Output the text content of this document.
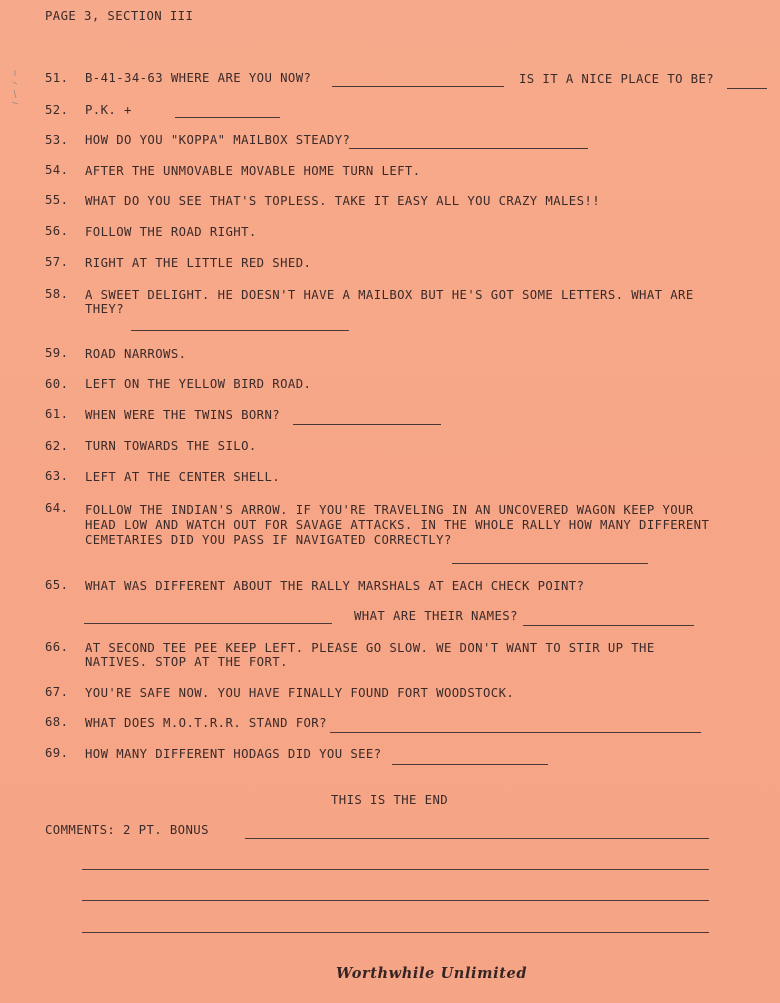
PAGE 3, SECTION III
51.	B-41-34-63 WHERE ARE YOU NOW?	IS IT A NICE PLACE TO BE?
52.	P.K. +
53.	HOW DO YOU "KOPPA" MAILBOX STEADY?
54.	AFTER THE UNMOVABLE MOVABLE HOME TURN LEFT.
55.	WHAT DO YOU SEE THAT'S TOPLESS. TAKE IT EASY ALL YOU CRAZY MALES!!
56.	FOLLOW THE ROAD RIGHT.
57.	RIGHT AT THE LITTLE RED SHED.
58.	A SWEET DELIGHT. HE DOESN'T HAVE A MAILBOX BUT HE'S GOT SOME LETTERS. WHAT ARE
THEY?
59.	ROAD NARROWS.
60.	LEFT ON THE YELLOW BIRD ROAD.
61.	WHEN WERE THE TWINS BORN?
62.	TURN TOWARDS THE SILO.
63.	LEFT AT THE CENTER SHELL.
64.	FOLLOW THE INDIAN'S ARROW. IF YOU'RE TRAVELING IN AN UNCOVERED WAGON KEEP YOUR
HEAD LOW AND WATCH OUT FOR SAVAGE ATTACKS. IN THE WHOLE RALLY HOW MANY DIFFERENT
CEMETARIES DID YOU PASS IF NAVIGATED CORRECTLY?
65.	WHAT WAS DIFFERENT ABOUT THE RALLY MARSHALS AT EACH CHECK POINT?
WHAT ARE THEIR NAMES?
66.	AT SECOND TEE PEE KEEP LEFT. PLEASE GO SLOW. WE DON'T WANT TO STIR UP THE
NATIVES. STOP AT THE FORT.
67.	YOU'RE SAFE NOW. YOU HAVE FINALLY FOUND FORT WOODSTOCK.
68.	WHAT DOES M.O.T.R.R. STAND FOR?
69.	HOW MANY DIFFERENT HODAGS DID YOU SEE?
THIS IS THE END
COMMENTS: 2 PT. BONUS
Worthwhile Unlimited
